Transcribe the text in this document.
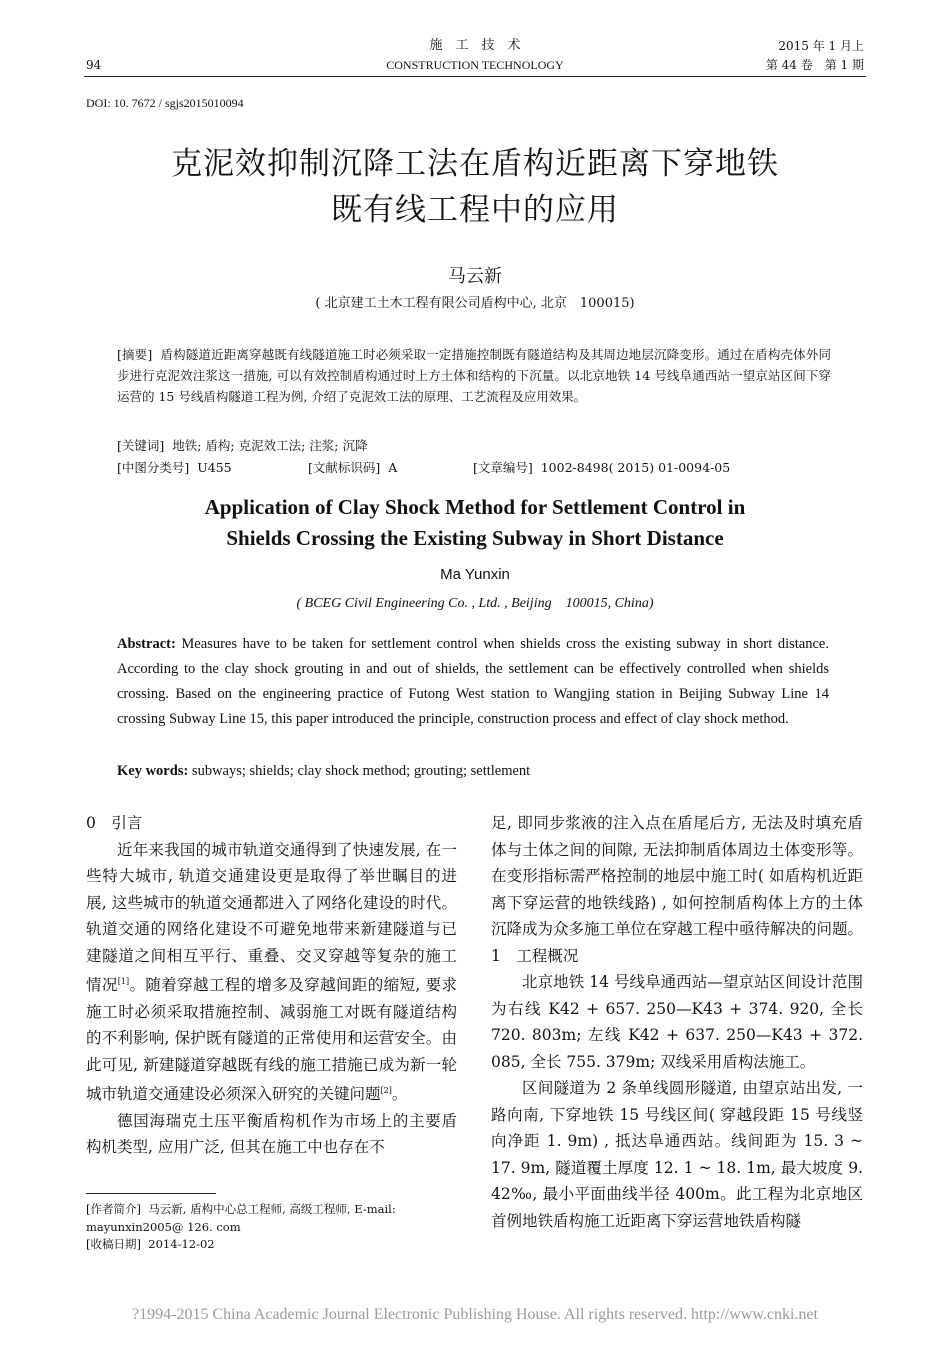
94
施　工　技　术
CONSTRUCTION TECHNOLOGY
2015 年 1 月上
第 44 卷　第 1 期
DOI: 10. 7672 / sgjs2015010094
克泥效抑制沉降工法在盾构近距离下穿地铁
既有线工程中的应用
马云新
( 北京建工土木工程有限公司盾构中心, 北京　100015)
[摘要] 盾构隧道近距离穿越既有线隧道施工时必须采取一定措施控制既有隧道结构及其周边地层沉降变形。通过在盾构壳体外同步进行克泥效注浆这一措施, 可以有效控制盾构通过时上方土体和结构的下沉量。以北京地铁 14 号线阜通西站一望京站区间下穿运营的 15 号线盾构隧道工程为例, 介绍了克泥效工法的原理、工艺流程及应用效果。
[关键词] 地铁; 盾构; 克泥效工法; 注浆; 沉降
[中图分类号] U455	[文献标识码] A	[文章编号] 1002-8498( 2015) 01-0094-05
Application of Clay Shock Method for Settlement Control in
Shields Crossing the Existing Subway in Short Distance
Ma Yunxin
( BCEG Civil Engineering Co. , Ltd. , Beijing　100015, China)
Abstract: Measures have to be taken for settlement control when shields cross the existing subway in short distance. According to the clay shock grouting in and out of shields, the settlement can be effectively controlled when shields crossing. Based on the engineering practice of Futong West station to Wangjing station in Beijing Subway Line 14 crossing Subway Line 15, this paper introduced the principle, construction process and effect of clay shock method.
Key words: subways; shields; clay shock method; grouting; settlement

0　引言

近年来我国的城市轨道交通得到了快速发展, 在一些特大城市, 轨道交通建设更是取得了举世瞩目的进展, 这些城市的轨道交通都进入了网络化建设的时代。轨道交通的网络化建设不可避免地带来新建隧道与已建隧道之间相互平行、重叠、交叉穿越等复杂的施工情况[1]。随着穿越工程的增多及穿越间距的缩短, 要求施工时必须采取措施控制、减弱施工对既有隧道结构的不利影响, 保护既有隧道的正常使用和运营安全。由此可见, 新建隧道穿越既有线的施工措施已成为新一轮城市轨道交通建设必须深入研究的关键问题[2]。

德国海瑞克土压平衡盾构机作为市场上的主要盾构机类型, 应用广泛, 但其在施工中也存在不

[作者简介] 马云新, 盾构中心总工程师, 高级工程师, E-mail: mayunxin2005@ 126. com
[收稿日期] 2014-12-02

足, 即同步浆液的注入点在盾尾后方, 无法及时填充盾体与土体之间的间隙, 无法抑制盾体周边土体变形等。在变形指标需严格控制的地层中施工时( 如盾构机近距离下穿运营的地铁线路) , 如何控制盾构体上方的土体沉降成为众多施工单位在穿越工程中亟待解决的问题。

1　工程概况

北京地铁 14 号线阜通西站—望京站区间设计范围为右线 K42 + 657. 250—K43 + 374. 920, 全长 720. 803m; 左线 K42 + 637. 250—K43 + 372. 085, 全长 755. 379m; 双线采用盾构法施工。

区间隧道为 2 条单线圆形隧道, 由望京站出发, 一路向南, 下穿地铁 15 号线区间( 穿越段距 15 号线竖向净距 1. 9m) , 抵达阜通西站。线间距为 15. 3 ~ 17. 9m, 隧道覆土厚度 12. 1 ~ 18. 1m, 最大坡度 9. 42‰, 最小平面曲线半径 400m。此工程为北京地区首例地铁盾构施工近距离下穿运营地铁盾构隧

?1994-2015 China Academic Journal Electronic Publishing House. All rights reserved. http://www.cnki.net
